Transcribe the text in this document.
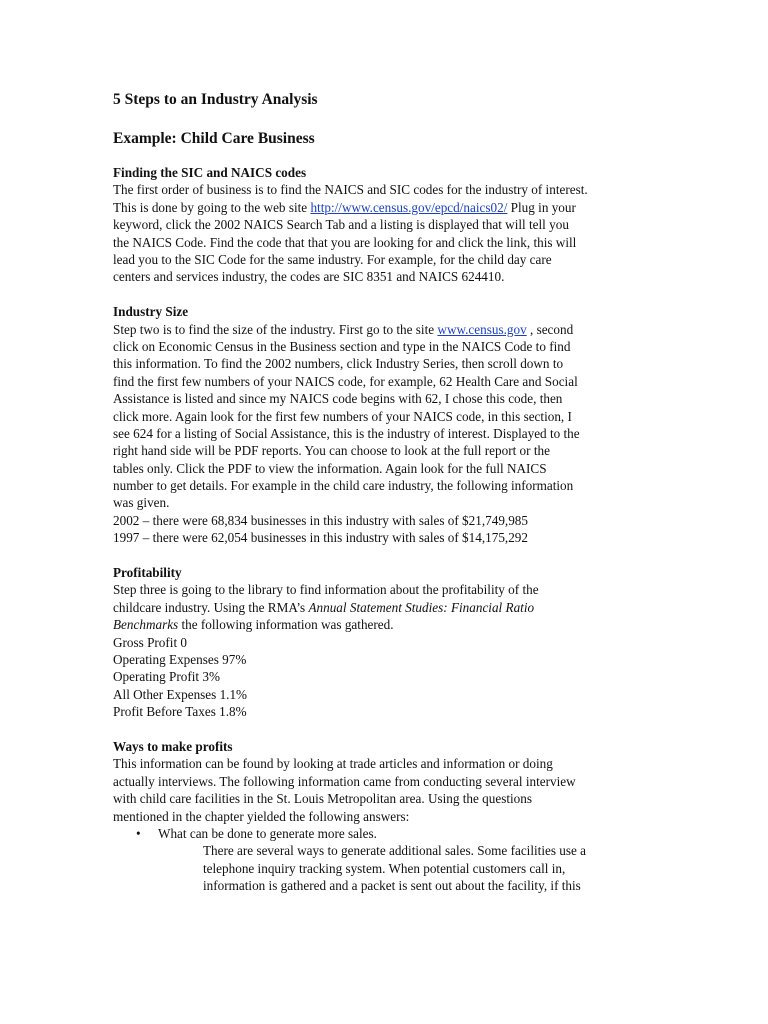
5 Steps to an Industry Analysis
Example: Child Care Business
Finding the SIC and NAICS codes
The first order of business is to find the NAICS and SIC codes for the industry of interest.
This is done by going to the web site http://www.census.gov/epcd/naics02/ Plug in your
keyword, click the 2002 NAICS Search Tab and a listing is displayed that will tell you
the NAICS Code. Find the code that that you are looking for and click the link, this will
lead you to the SIC Code for the same industry. For example, for the child day care
centers and services industry, the codes are SIC 8351 and NAICS 624410.
Industry Size
Step two is to find the size of the industry. First go to the site www.census.gov , second
click on Economic Census in the Business section and type in the NAICS Code to find
this information. To find the 2002 numbers, click Industry Series, then scroll down to
find the first few numbers of your NAICS code, for example, 62 Health Care and Social
Assistance is listed and since my NAICS code begins with 62, I chose this code, then
click more. Again look for the first few numbers of your NAICS code, in this section, I
see 624 for a listing of Social Assistance, this is the industry of interest. Displayed to the
right hand side will be PDF reports. You can choose to look at the full report or the
tables only. Click the PDF to view the information. Again look for the full NAICS
number to get details. For example in the child care industry, the following information
was given.
2002 – there were 68,834 businesses in this industry with sales of $21,749,985
1997 – there were 62,054 businesses in this industry with sales of $14,175,292
Profitability
Step three is going to the library to find information about the profitability of the
childcare industry. Using the RMA’s Annual Statement Studies: Financial Ratio
Benchmarks the following information was gathered.
Gross Profit 0
Operating Expenses 97%
Operating Profit 3%
All Other Expenses 1.1%
Profit Before Taxes 1.8%
Ways to make profits
This information can be found by looking at trade articles and information or doing
actually interviews. The following information came from conducting several interview
with child care facilities in the St. Louis Metropolitan area. Using the questions
mentioned in the chapter yielded the following answers:
• What can be done to generate more sales.
There are several ways to generate additional sales. Some facilities use a
telephone inquiry tracking system. When potential customers call in,
information is gathered and a packet is sent out about the facility, if this
